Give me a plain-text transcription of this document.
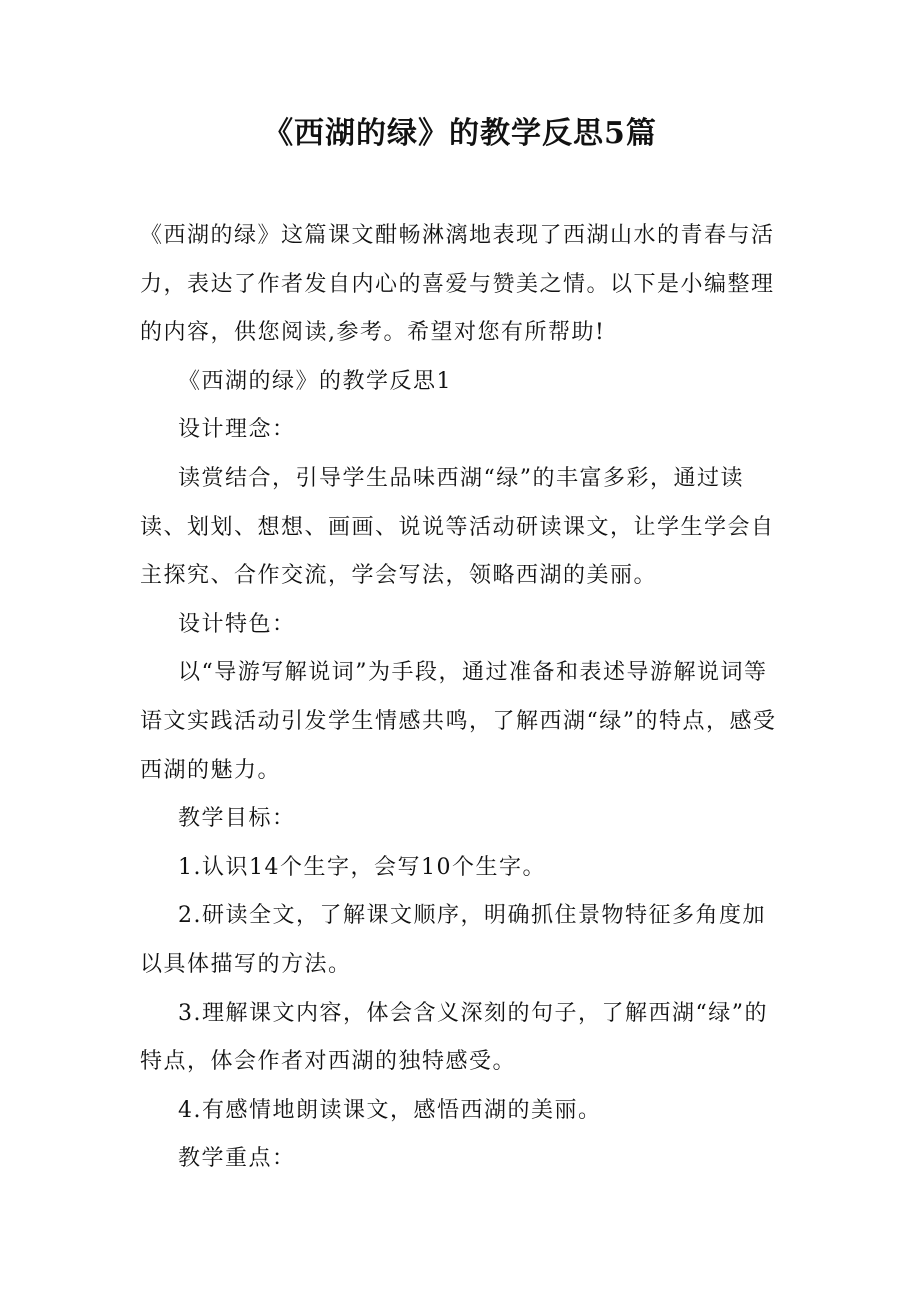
《西湖的绿》的教学反思5篇

《西湖的绿》这篇课文酣畅淋漓地表现了西湖山水的青春与活力，表达了作者发自内心的喜爱与赞美之情。以下是小编整理的内容，供您阅读,参考。希望对您有所帮助!

《西湖的绿》的教学反思1

设计理念：

读赏结合，引导学生品味西湖“绿”的丰富多彩，通过读读、划划、想想、画画、说说等活动研读课文，让学生学会自主探究、合作交流，学会写法，领略西湖的美丽。

设计特色：

以“导游写解说词”为手段，通过准备和表述导游解说词等语文实践活动引发学生情感共鸣，了解西湖“绿”的特点，感受西湖的魅力。

教学目标：

1.认识14个生字，会写10个生字。

2.研读全文，了解课文顺序，明确抓住景物特征多角度加以具体描写的方法。

3.理解课文内容，体会含义深刻的句子，了解西湖“绿”的特点，体会作者对西湖的独特感受。

4.有感情地朗读课文，感悟西湖的美丽。

教学重点：
